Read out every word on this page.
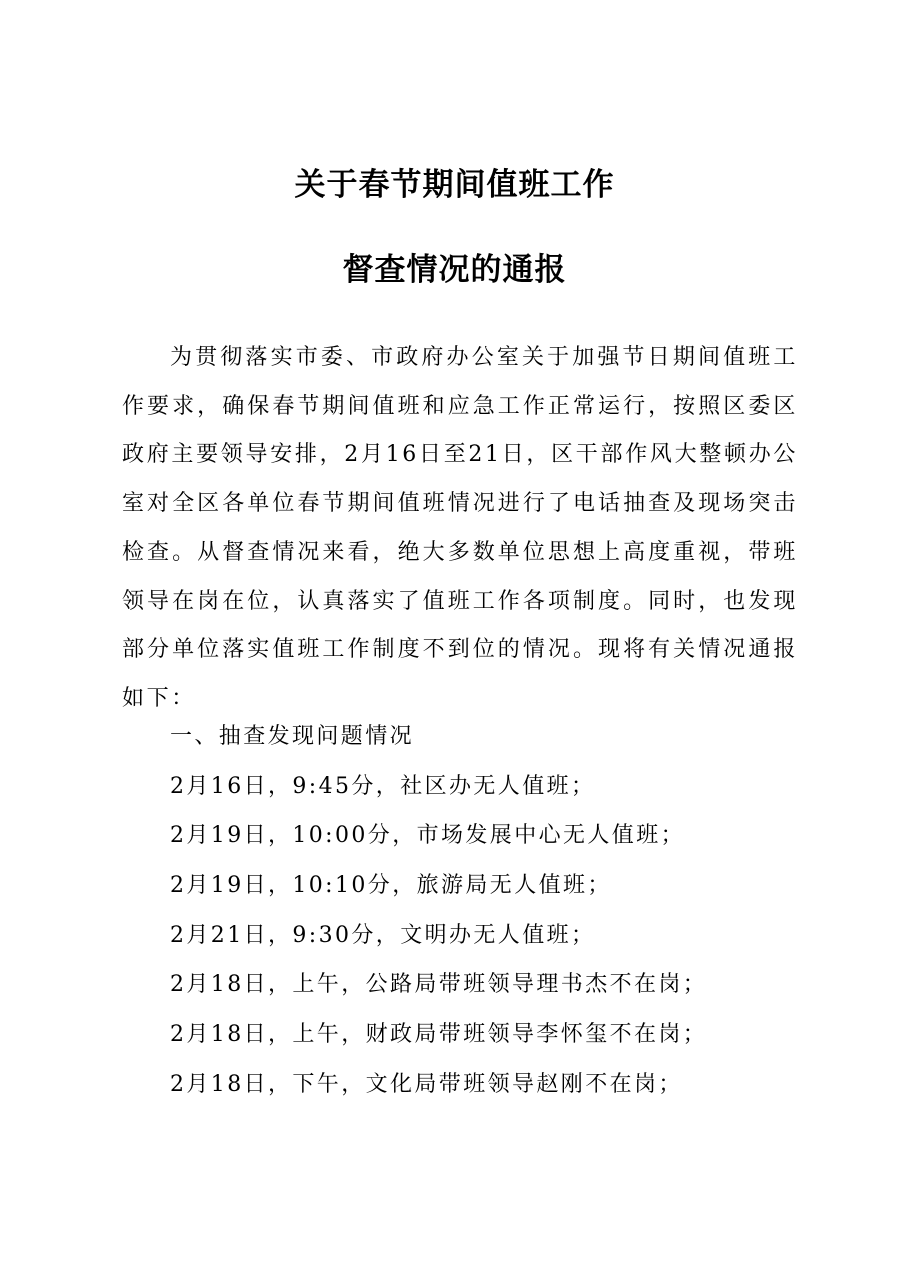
关于春节期间值班工作
督查情况的通报

为贯彻落实市委、市政府办公室关于加强节日期间值班工作要求，确保春节期间值班和应急工作正常运行，按照区委区政府主要领导安排，2月16日至21日，区干部作风大整顿办公室对全区各单位春节期间值班情况进行了电话抽查及现场突击检查。从督查情况来看，绝大多数单位思想上高度重视，带班领导在岗在位，认真落实了值班工作各项制度。同时，也发现部分单位落实值班工作制度不到位的情况。现将有关情况通报如下：

一、抽查发现问题情况
2月16日，9:45分，社区办无人值班；
2月19日，10:00分，市场发展中心无人值班；
2月19日，10:10分，旅游局无人值班；
2月21日，9:30分，文明办无人值班；
2月18日，上午，公路局带班领导理书杰不在岗；
2月18日，上午，财政局带班领导李怀玺不在岗；
2月18日，下午，文化局带班领导赵刚不在岗；
